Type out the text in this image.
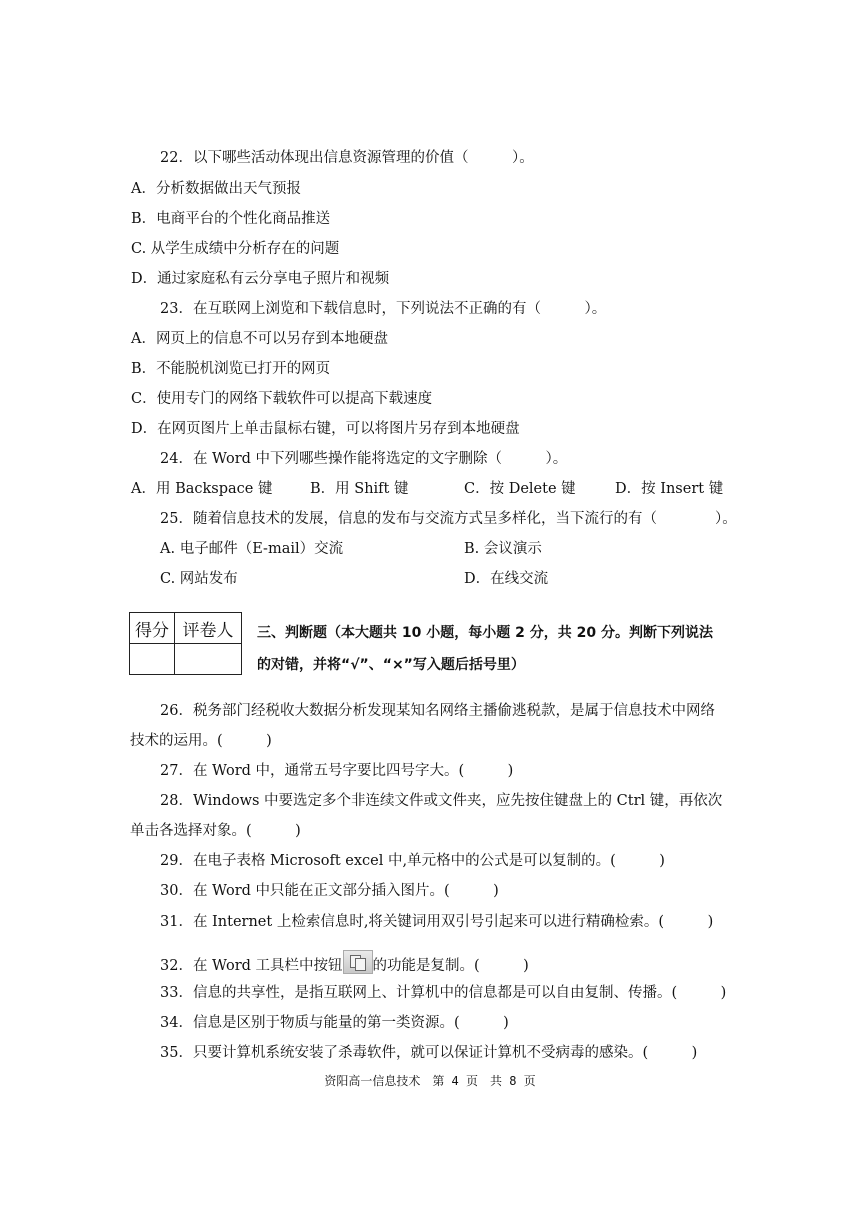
22．以下哪些活动体现出信息资源管理的价值（　　　）。
A．分析数据做出天气预报
B．电商平台的个性化商品推送
C. 从学生成绩中分析存在的问题
D．通过家庭私有云分享电子照片和视频
23．在互联网上浏览和下载信息时，下列说法不正确的有（　　　）。
A．网页上的信息不可以另存到本地硬盘
B．不能脱机浏览已打开的网页
C．使用专门的网络下载软件可以提高下载速度
D．在网页图片上单击鼠标右键，可以将图片另存到本地硬盘
24．在 Word 中下列哪些操作能将选定的文字删除（　　　）。
A．用 Backspace 键	B．用 Shift 键	C．按 Delete 键	D．按 Insert 键
25．随着信息技术的发展，信息的发布与交流方式呈多样化，当下流行的有（　　　　）。
A. 电子邮件（E-mail）交流	B. 会议演示
C. 网站发布	D．在线交流
得分	评卷人
	三、判断题（本大题共 10 小题，每小题 2 分，共 20 分。判断下列说法
的对错，并将“√”、“×”写入题后括号里）
26．税务部门经税收大数据分析发现某知名网络主播偷逃税款，是属于信息技术中网络
技术的运用。(　　　)
27．在 Word 中，通常五号字要比四号字大。(　　　)
28．Windows 中要选定多个非连续文件或文件夹，应先按住键盘上的 Ctrl 键，再依次
单击各选择对象。(　　　)
29．在电子表格 Microsoft excel 中,单元格中的公式是可以复制的。(　　　)
30．在 Word 中只能在正文部分插入图片。(　　　)
31．在 Internet 上检索信息时,将关键词用双引号引起来可以进行精确检索。(　　　)
32．在 Word 工具栏中按钮 的功能是复制。(　　　)
33．信息的共享性，是指互联网上、计算机中的信息都是可以自由复制、传播。(　　　)
34．信息是区别于物质与能量的第一类资源。(　　　)
35．只要计算机系统安装了杀毒软件，就可以保证计算机不受病毒的感染。(　　　)
资阳高一信息技术　第 4 页　共 8 页
